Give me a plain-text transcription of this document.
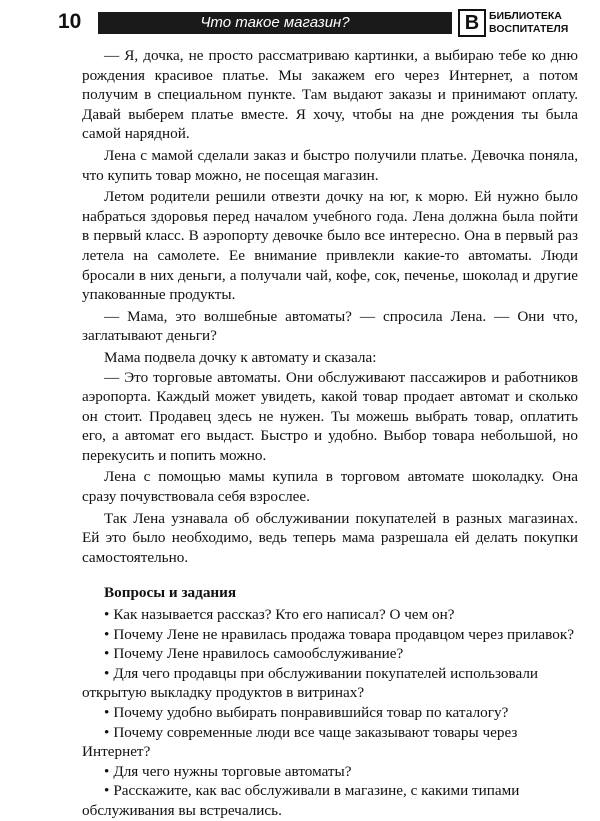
10	Что такое магазин?	B БИБЛИОТЕКА
ВОСПИТАТЕЛЯ

— Я, дочка, не просто рассматриваю картинки, а выбираю тебе ко дню рождения красивое платье. Мы закажем его через Интернет, а потом получим в специальном пункте. Там выдают заказы и принимают оплату. Давай выберем платье вместе. Я хочу, чтобы на дне рождения ты была самой нарядной.

Лена с мамой сделали заказ и быстро получили платье. Девочка поняла, что купить товар можно, не посещая магазин.

Летом родители решили отвезти дочку на юг, к морю. Ей нужно было набраться здоровья перед началом учебного года. Лена должна была пойти в первый класс. В аэропорту девочке было все интересно. Она в первый раз летела на самолете. Ее внимание привлекли какие-то автоматы. Люди бросали в них деньги, а получали чай, кофе, сок, печенье, шоколад и другие упакованные продукты.

— Мама, это волшебные автоматы? — спросила Лена. — Они что, заглатывают деньги?

Мама подвела дочку к автомату и сказала:

— Это торговые автоматы. Они обслуживают пассажиров и работников аэропорта. Каждый может увидеть, какой товар продает автомат и сколько он стоит. Продавец здесь не нужен. Ты можешь выбрать товар, оплатить его, а автомат его выдаст. Быстро и удобно. Выбор товара небольшой, но перекусить и попить можно.

Лена с помощью мамы купила в торговом автомате шоколадку. Она сразу почувствовала себя взрослее.

Так Лена узнавала об обслуживании покупателей в разных магазинах. Ей это было необходимо, ведь теперь мама разрешала ей делать покупки самостоятельно.

Вопросы и задания
• Как называется рассказ? Кто его написал? О чем он?
• Почему Лене не нравилась продажа товара продавцом через прилавок?
• Почему Лене нравилось самообслуживание?
• Для чего продавцы при обслуживании покупателей использовали открытую выкладку продуктов в витринах?
• Почему удобно выбирать понравившийся товар по каталогу?
• Почему современные люди все чаще заказывают товары через Интернет?
• Для чего нужны торговые автоматы?
• Расскажите, как вас обслуживали в магазине, с какими типами обслуживания вы встречались.
